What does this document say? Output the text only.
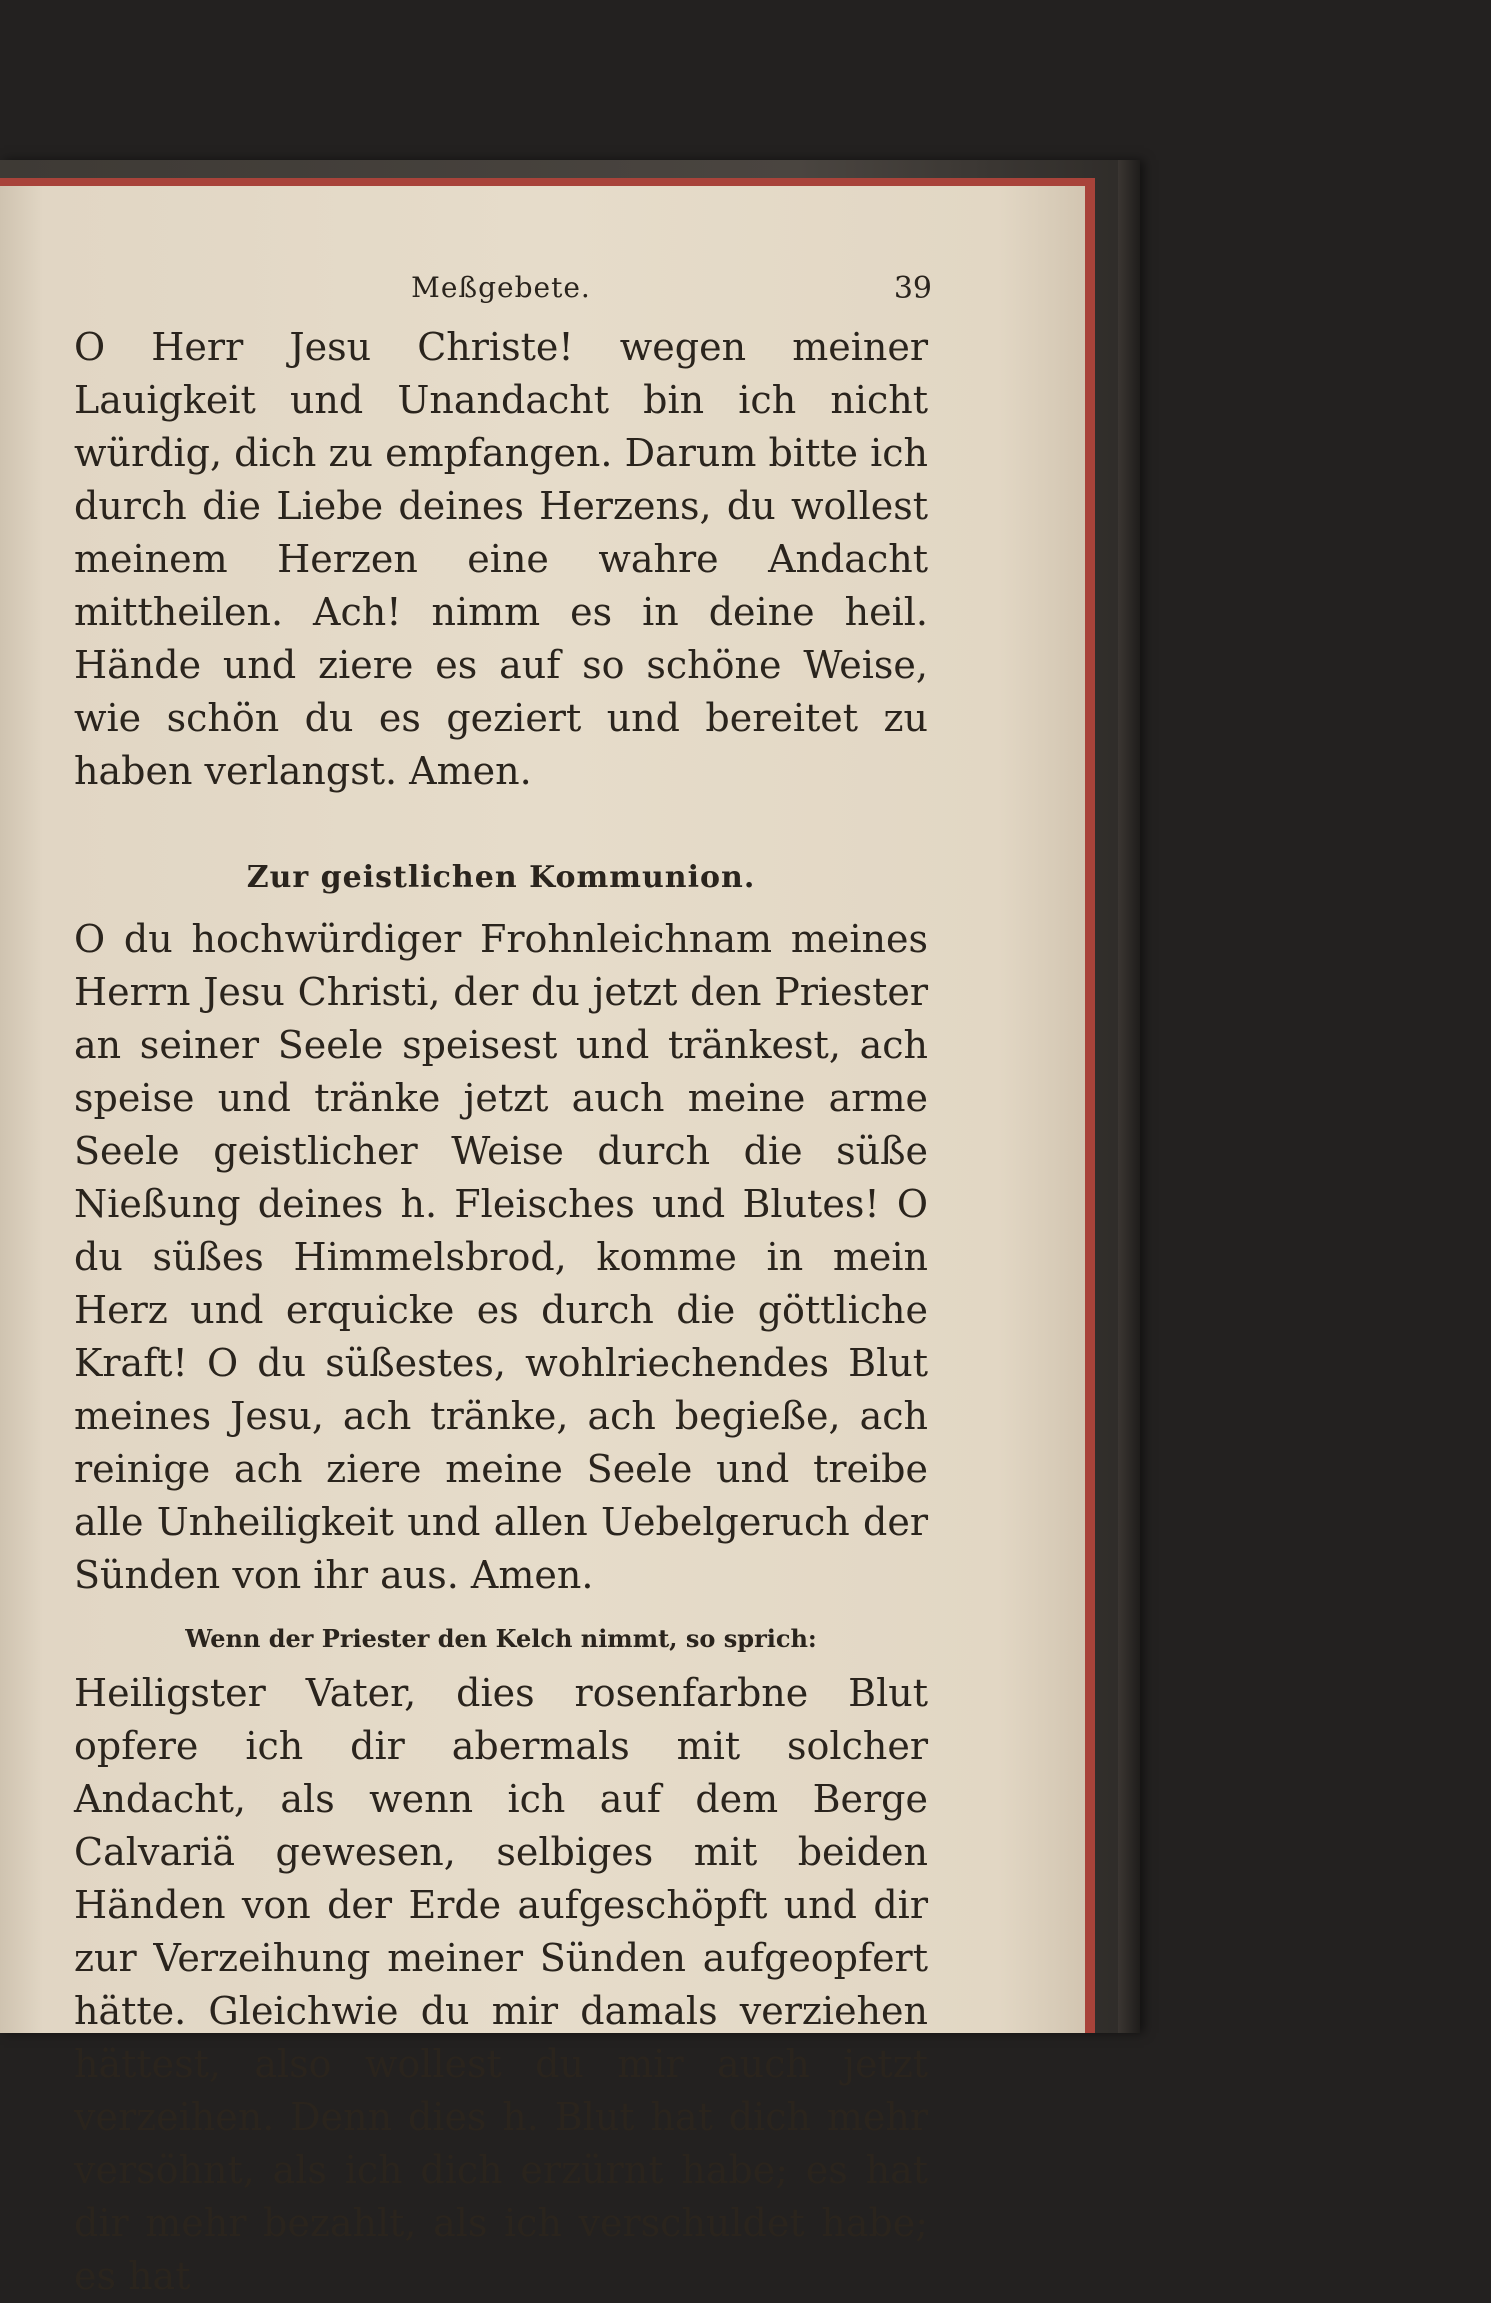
Meßgebete.	39

O Herr Jesu Christe! wegen meiner Lauigkeit und Unandacht bin ich nicht würdig, dich zu empfangen. Darum bitte ich durch die Liebe deines Herzens, du wollest meinem Herzen eine wahre Andacht mittheilen. Ach! nimm es in deine heil. Hände und ziere es auf so schöne Weise, wie schön du es geziert und bereitet zu haben verlangst. Amen.

Zur geistlichen Kommunion.

O du hochwürdiger Frohnleichnam meines Herrn Jesu Christi, der du jetzt den Priester an seiner Seele speisest und tränkest, ach speise und tränke jetzt auch meine arme Seele geistlicher Weise durch die süße Nießung deines h. Fleisches und Blutes! O du süßes Himmelsbrod, komme in mein Herz und erquicke es durch die göttliche Kraft! O du süßestes, wohlriechendes Blut meines Jesu, ach tränke, ach begieße, ach reinige ach ziere meine Seele und treibe alle Unheiligkeit und allen Uebelgeruch der Sünden von ihr aus. Amen.

Wenn der Priester den Kelch nimmt, so sprich:

Heiligster Vater, dies rosenfarbne Blut opfere ich dir abermals mit solcher Andacht, als wenn ich auf dem Berge Calvariä gewesen, selbiges mit beiden Händen von der Erde aufgeschöpft und dir zur Verzeihung meiner Sünden aufgeopfert hätte. Gleichwie du mir damals verziehen hättest, also wollest du mir auch jetzt verzeihen. Denn dies h. Blut hat dich mehr versöhnt, als ich dich erzürnt habe; es hat dir mehr bezahlt, als ich verschuldet habe; es hat
